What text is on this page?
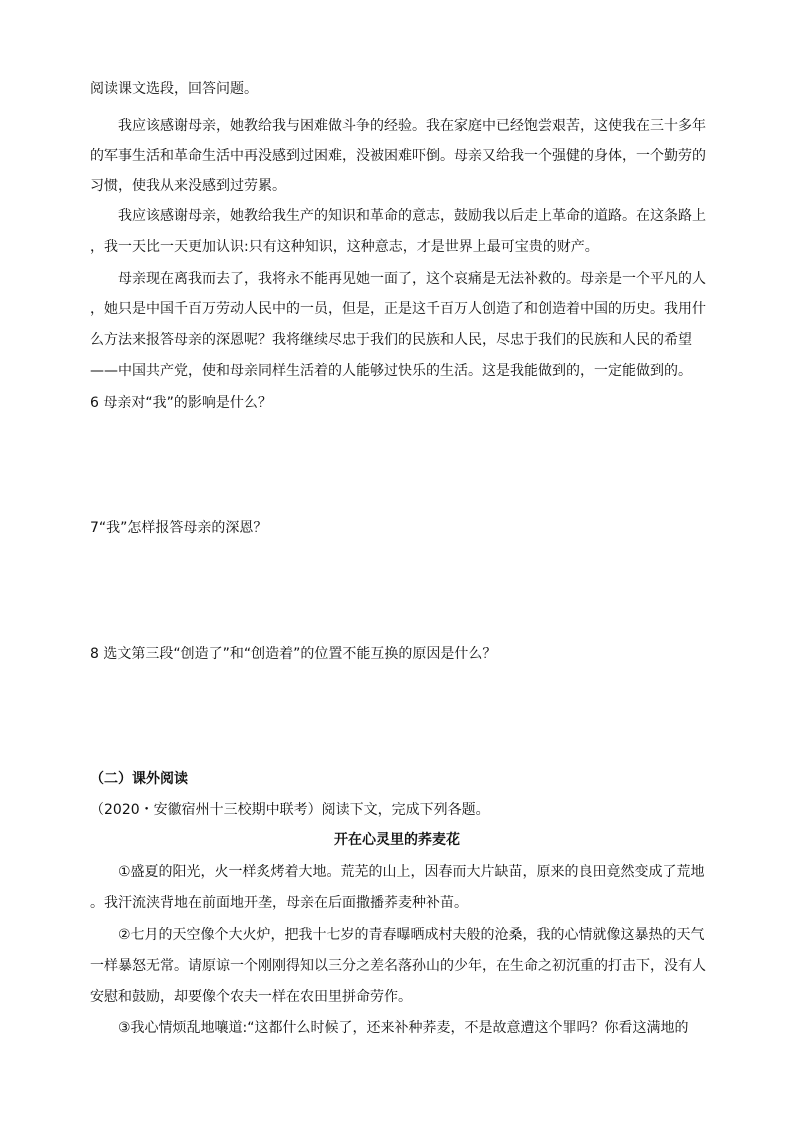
阅读课文选段，回答问题。

我应该感谢母亲，她教给我与困难做斗争的经验。我在家庭中已经饱尝艰苦，这使我在三十多年

的军事生活和革命生活中再没感到过困难，没被困难吓倒。母亲又给我一个强健的身体，一个勤劳的

习惯，使我从来没感到过劳累。

我应该感谢母亲，她教给我生产的知识和革命的意志，鼓励我以后走上革命的道路。在这条路上

，我一天比一天更加认识:只有这种知识，这种意志，才是世界上最可宝贵的财产。

母亲现在离我而去了，我将永不能再见她一面了，这个哀痛是无法补救的。母亲是一个平凡的人

，她只是中国千百万劳动人民中的一员，但是，正是这千百万人创造了和创造着中国的历史。我用什

么方法来报答母亲的深恩呢？我将继续尽忠于我们的民族和人民，尽忠于我们的民族和人民的希望

——中国共产党，使和母亲同样生活着的人能够过快乐的生活。这是我能做到的，一定能做到的。

6 母亲对“我”的影响是什么？

7“我”怎样报答母亲的深恩？

8 选文第三段“创造了”和“创造着”的位置不能互换的原因是什么？

（二）课外阅读

（2020・安徽宿州十三校期中联考）阅读下文，完成下列各题。

开在心灵里的荞麦花

①盛夏的阳光，火一样炙烤着大地。荒芜的山上，因春而大片缺苗，原来的良田竟然变成了荒地

。我汗流浃背地在前面地开垄，母亲在后面撒播荞麦种补苗。

②七月的天空像个大火炉，把我十七岁的青春曝晒成村夫般的沧桑，我的心情就像这暴热的天气

一样暴怒无常。请原谅一个刚刚得知以三分之差名落孙山的少年，在生命之初沉重的打击下，没有人

安慰和鼓励，却要像个农夫一样在农田里拼命劳作。

③我心情烦乱地嚷道:“这都什么时候了，还来补种荞麦，不是故意遭这个罪吗？你看这满地的
